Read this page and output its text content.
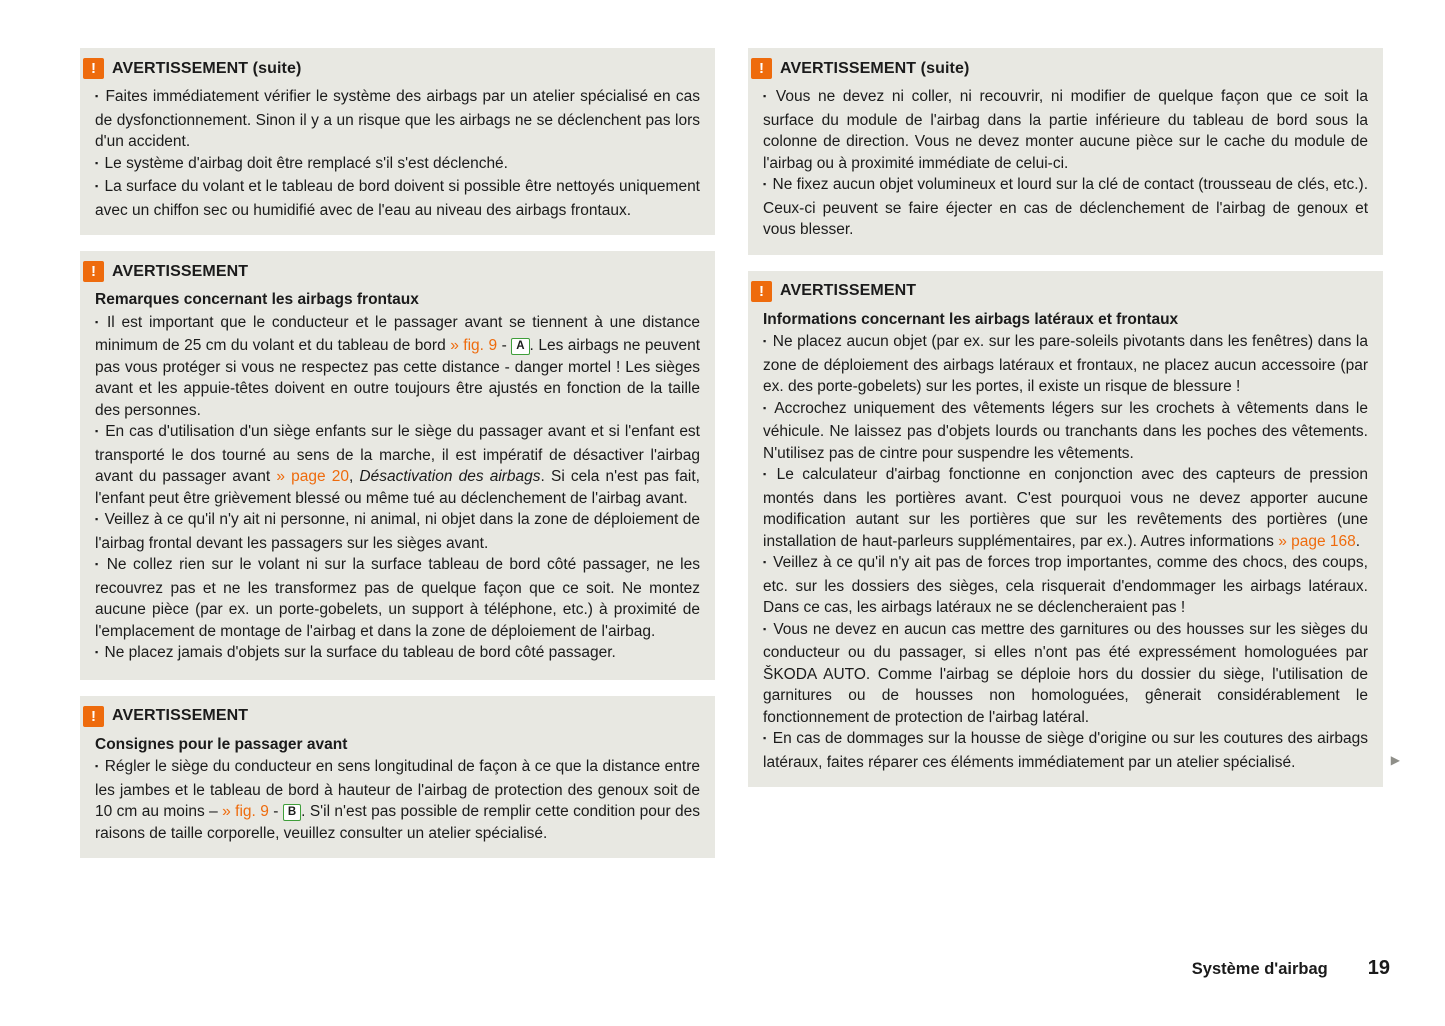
!	AVERTISSEMENT (suite)

▪ Faites immédiatement vérifier le système des airbags par un atelier spécialisé en cas de dysfonctionnement. Sinon il y a un risque que les airbags ne se déclenchent pas lors d'un accident.

▪ Le système d'airbag doit être remplacé s'il s'est déclenché.

▪ La surface du volant et le tableau de bord doivent si possible être nettoyés uniquement avec un chiffon sec ou humidifié avec de l'eau au niveau des airbags frontaux.

!	AVERTISSEMENT
Remarques concernant les airbags frontaux

▪ Il est important que le conducteur et le passager avant se tiennent à une distance minimum de 25 cm du volant et du tableau de bord » fig. 9 - A . Les airbags ne peuvent pas vous protéger si vous ne respectez pas cette distance - danger mortel ! Les sièges avant et les appuie-têtes doivent en outre toujours être ajustés en fonction de la taille des personnes.

▪ En cas d'utilisation d'un siège enfants sur le siège du passager avant et si l'enfant est transporté le dos tourné au sens de la marche, il est impératif de désactiver l'airbag avant du passager avant » page 20, Désactivation des airbags. Si cela n'est pas fait, l'enfant peut être grièvement blessé ou même tué au déclenchement de l'airbag avant.

▪ Veillez à ce qu'il n'y ait ni personne, ni animal, ni objet dans la zone de déploiement de l'airbag frontal devant les passagers sur les sièges avant.

▪ Ne collez rien sur le volant ni sur la surface tableau de bord côté passager, ne les recouvrez pas et ne les transformez pas de quelque façon que ce soit. Ne montez aucune pièce (par ex. un porte-gobelets, un support à téléphone, etc.) à proximité de l'emplacement de montage de l'airbag et dans la zone de déploiement de l'airbag.

▪ Ne placez jamais d'objets sur la surface du tableau de bord côté passager.

!	AVERTISSEMENT
Consignes pour le passager avant

▪ Régler le siège du conducteur en sens longitudinal de façon à ce que la distance entre les jambes et le tableau de bord à hauteur de l'airbag de protection des genoux soit de 10 cm au moins – » fig. 9 - B . S'il n'est pas possible de remplir cette condition pour des raisons de taille corporelle, veuillez consulter un atelier spécialisé.

!	AVERTISSEMENT (suite)

▪ Vous ne devez ni coller, ni recouvrir, ni modifier de quelque façon que ce soit la surface du module de l'airbag dans la partie inférieure du tableau de bord sous la colonne de direction. Vous ne devez monter aucune pièce sur le cache du module de l'airbag ou à proximité immédiate de celui-ci.

▪ Ne fixez aucun objet volumineux et lourd sur la clé de contact (trousseau de clés, etc.). Ceux-ci peuvent se faire éjecter en cas de déclenchement de l'airbag de genoux et vous blesser.

!	AVERTISSEMENT
Informations concernant les airbags latéraux et frontaux

▪ Ne placez aucun objet (par ex. sur les pare-soleils pivotants dans les fenêtres) dans la zone de déploiement des airbags latéraux et frontaux, ne placez aucun accessoire (par ex. des porte-gobelets) sur les portes, il existe un risque de blessure !

▪ Accrochez uniquement des vêtements légers sur les crochets à vêtements dans le véhicule. Ne laissez pas d'objets lourds ou tranchants dans les poches des vêtements. N'utilisez pas de cintre pour suspendre les vêtements.

▪ Le calculateur d'airbag fonctionne en conjonction avec des capteurs de pression montés dans les portières avant. C'est pourquoi vous ne devez apporter aucune modification autant sur les portières que sur les revêtements des portières (une installation de haut-parleurs supplémentaires, par ex.). Autres informations » page 168.

▪ Veillez à ce qu'il n'y ait pas de forces trop importantes, comme des chocs, des coups, etc. sur les dossiers des sièges, cela risquerait d'endommager les airbags latéraux. Dans ce cas, les airbags latéraux ne se déclencheraient pas !

▪ Vous ne devez en aucun cas mettre des garnitures ou des housses sur les sièges du conducteur ou du passager, si elles n'ont pas été expressément homologuées par ŠKODA AUTO. Comme l'airbag se déploie hors du dossier du siège, l'utilisation de garnitures ou de housses non homologuées, gênerait considérablement le fonctionnement de protection de l'airbag latéral.

▪ En cas de dommages sur la housse de siège d'origine ou sur les coutures des airbags latéraux, faites réparer ces éléments immédiatement par un atelier spécialisé.	▶
Système d'airbag 19
